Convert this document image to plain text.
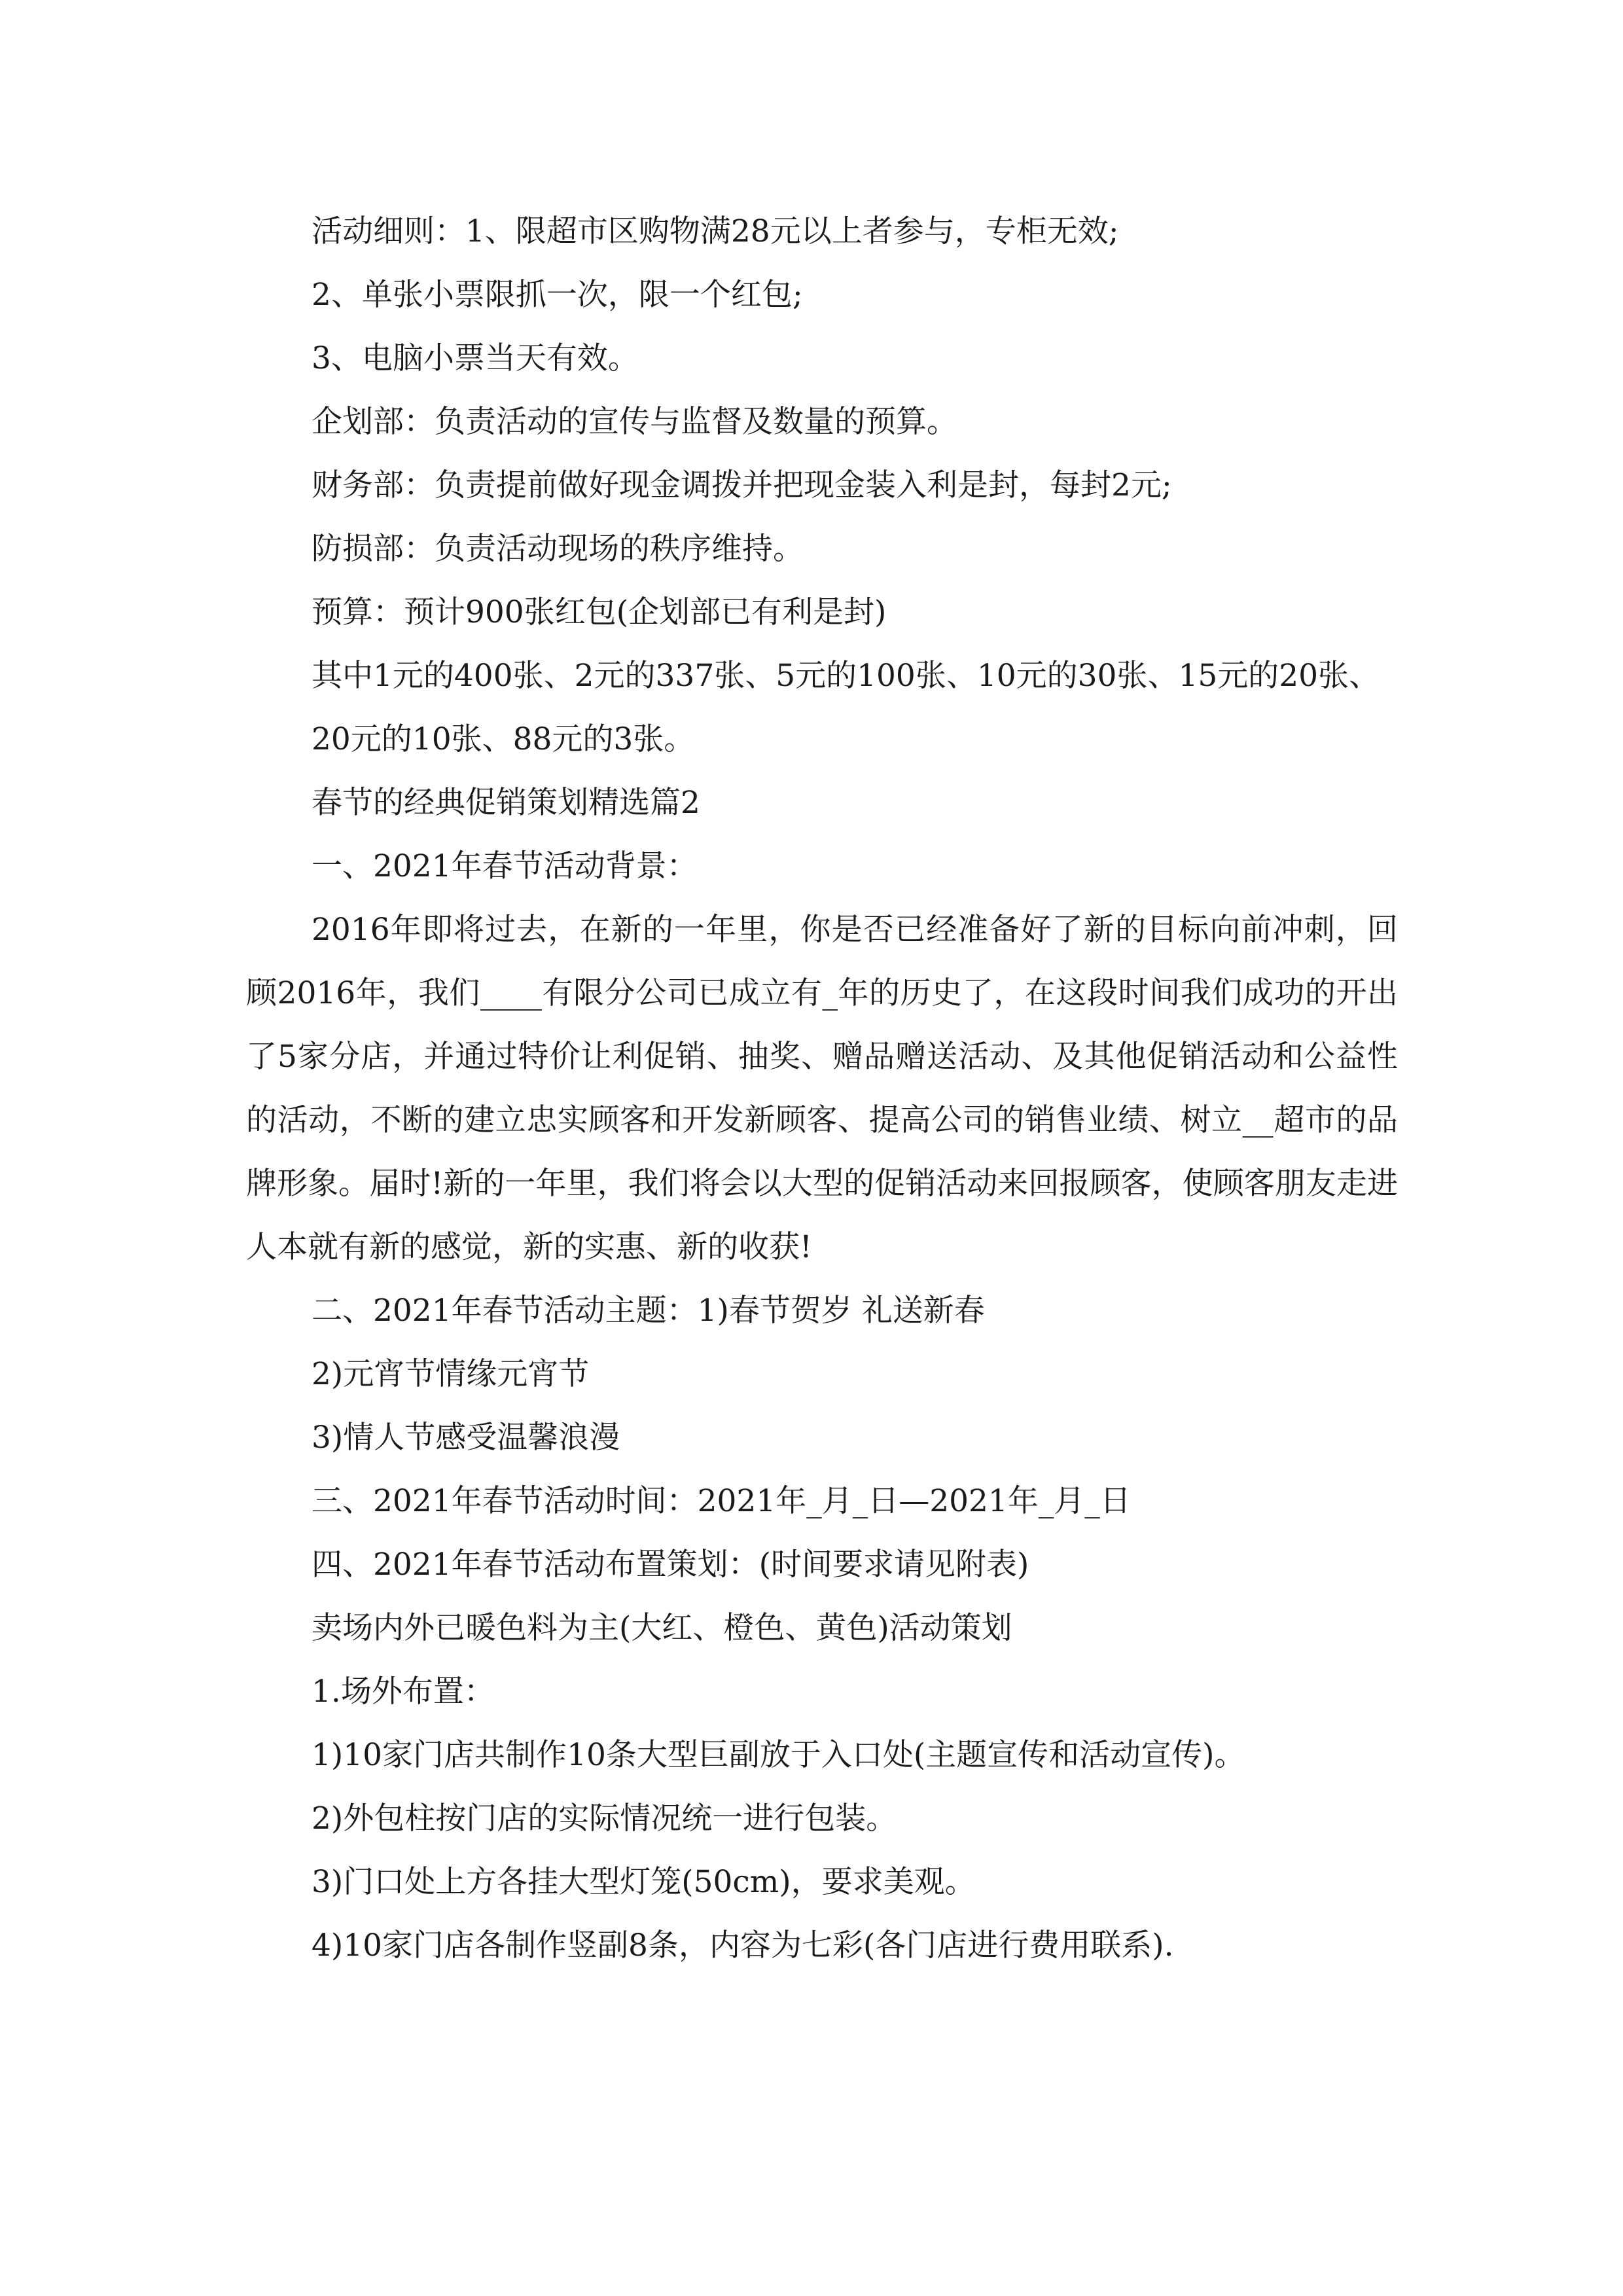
活动细则：1、限超市区购物满28元以上者参与，专柜无效;

2、单张小票限抓一次，限一个红包;

3、电脑小票当天有效。

企划部：负责活动的宣传与监督及数量的预算。

财务部：负责提前做好现金调拨并把现金装入利是封，每封2元;

防损部：负责活动现场的秩序维持。

预算：预计900张红包(企划部已有利是封)

其中1元的400张、2元的337张、5元的100张、10元的30张、15元的20张、

20元的10张、88元的3张。

春节的经典促销策划精选篇2

一、2021年春节活动背景：

2016年即将过去，在新的一年里，你是否已经准备好了新的目标向前冲刺，回顾2016年，我们____有限分公司已成立有_年的历史了，在这段时间我们成功的开出了5家分店，并通过特价让利促销、抽奖、赠品赠送活动、及其他促销活动和公益性的活动，不断的建立忠实顾客和开发新顾客、提高公司的销售业绩、树立__超市的品牌形象。届时!新的一年里，我们将会以大型的促销活动来回报顾客，使顾客朋友走进人本就有新的感觉，新的实惠、新的收获!

二、2021年春节活动主题：1)春节贺岁 礼送新春

2)元宵节情缘元宵节

3)情人节感受温馨浪漫

三、2021年春节活动时间：2021年_月_日—2021年_月_日

四、2021年春节活动布置策划：(时间要求请见附表)

卖场内外已暖色料为主(大红、橙色、黄色)活动策划

1.场外布置：

1)10家门店共制作10条大型巨副放于入口处(主题宣传和活动宣传)。

2)外包柱按门店的实际情况统一进行包装。

3)门口处上方各挂大型灯笼(50cm)，要求美观。

4)10家门店各制作竖副8条，内容为七彩(各门店进行费用联系).
